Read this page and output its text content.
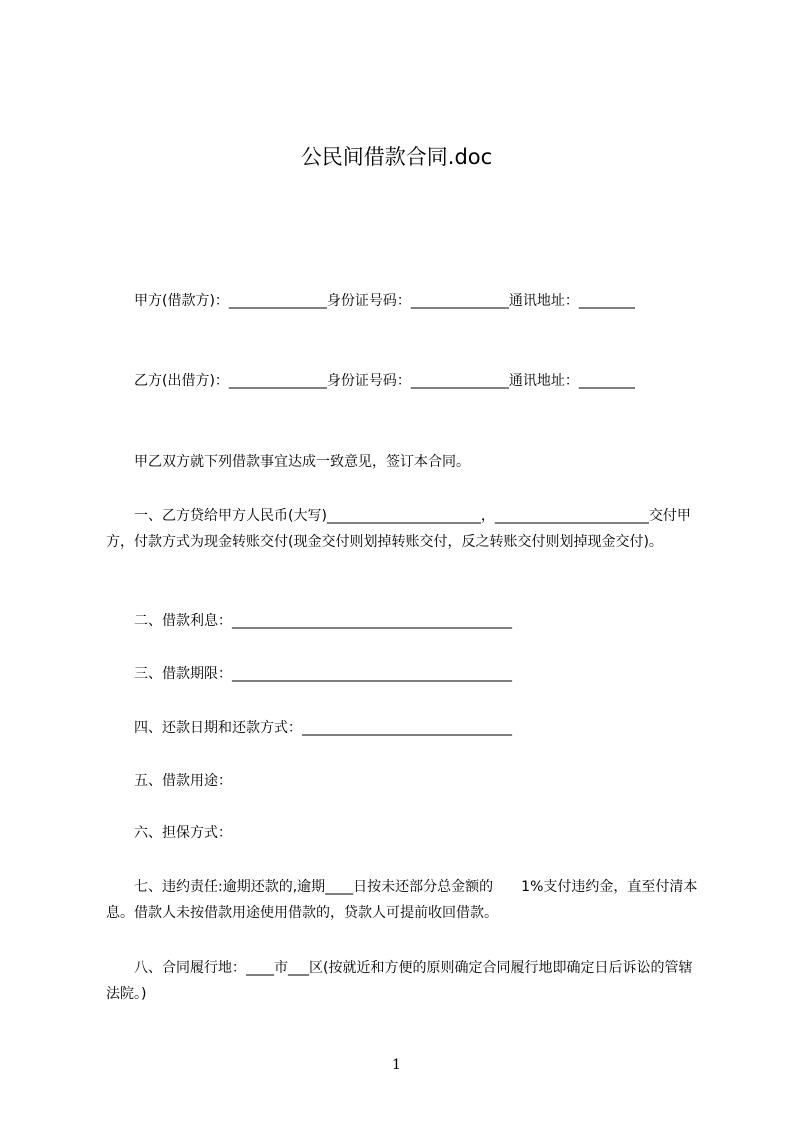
公民间借款合同.doc
甲方(借款方)：______________身份证号码：______________通讯地址：________
乙方(出借方)：______________身份证号码：______________通讯地址：________
甲乙双方就下列借款事宜达成一致意见，签订本合同。
一、乙方贷给甲方人民币(大写)______________________，______________________交付甲方，付款方式为现金转账交付(现金交付则划掉转账交付，反之转账交付则划掉现金交付)。
二、借款利息：________________________________________
三、借款期限：________________________________________
四、还款日期和还款方式：______________________________
五、借款用途：
六、担保方式：
七、违约责任:逾期还款的,逾期____日按未还部分总金额的　　1%支付违约金，直至付清本息。借款人未按借款用途使用借款的，贷款人可提前收回借款。
八、合同履行地：____市___区(按就近和方便的原则确定合同履行地即确定日后诉讼的管辖法院。)
1
